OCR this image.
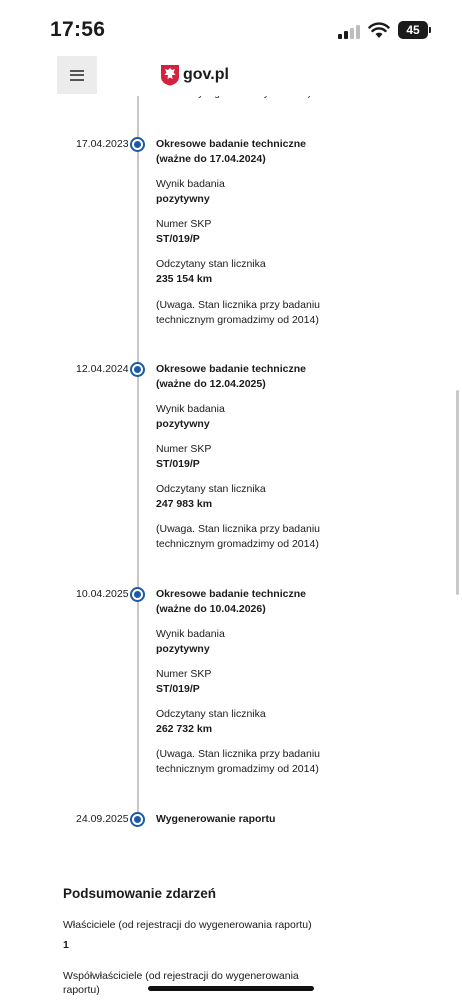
17:56	45
gov.pl
17.04.2023	Okresowe badanie techniczne
(ważne do 17.04.2024)
Wynik badania
pozytywny
Numer SKP
ST/019/P
Odczytany stan licznika
235 154 km
(Uwaga. Stan licznika przy badaniu
technicznym gromadzimy od 2014)
12.04.2024	Okresowe badanie techniczne
(ważne do 12.04.2025)
Wynik badania
pozytywny
Numer SKP
ST/019/P
Odczytany stan licznika
247 983 km
(Uwaga. Stan licznika przy badaniu
technicznym gromadzimy od 2014)
10.04.2025	Okresowe badanie techniczne
(ważne do 10.04.2026)
Wynik badania
pozytywny
Numer SKP
ST/019/P
Odczytany stan licznika
262 732 km
(Uwaga. Stan licznika przy badaniu
technicznym gromadzimy od 2014)
24.09.2025	Wygenerowanie raportu
Podsumowanie zdarzeń
Właściciele (od rejestracji do wygenerowania raportu)
1
Współwłaściciele (od rejestracji do wygenerowania
raportu)
